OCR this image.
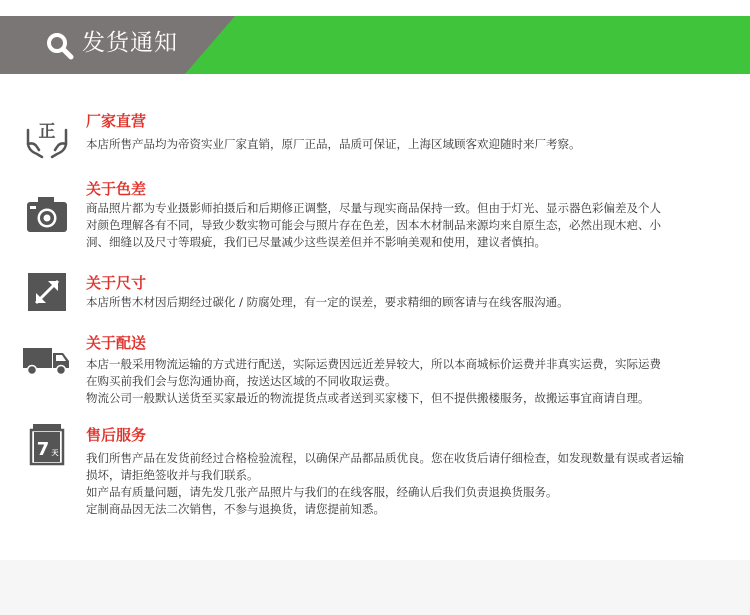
发货通知
正
厂家直营
本店所售产品均为帝资实业厂家直销，原厂正品，品质可保证，上海区域顾客欢迎随时来厂考察。
关于色差
商品照片都为专业摄影师拍摄后和后期修正调整，尽量与现实商品保持一致。但由于灯光、显示器色彩偏差及个人
对颜色理解各有不同，导致少数实物可能会与照片存在色差，因本木材制品来源均来自原生态，必然出现木疤、小
洞、细缝以及尺寸等瑕疵，我们已尽量减少这些误差但并不影响美观和使用，建议者慎拍。
关于尺寸
本店所售木材因后期经过碳化 / 防腐处理，有一定的误差，要求精细的顾客请与在线客服沟通。
关于配送
本店一般采用物流运输的方式进行配送，实际运费因远近差异较大，所以本商城标价运费并非真实运费，实际运费
在购买前我们会与您沟通协商，按送达区域的不同收取运费。
物流公司一般默认送货至买家最近的物流提货点或者送到买家楼下，但不提供搬楼服务，故搬运事宜商请自理。
7 天
售后服务
我们所售产品在发货前经过合格检验流程，以确保产品都品质优良。您在收货后请仔细检查，如发现数量有误或者运输
损坏，请拒绝签收并与我们联系。
如产品有质量问题，请先发几张产品照片与我们的在线客服，经确认后我们负责退换货服务。
定制商品因无法二次销售，不参与退换货，请您提前知悉。
